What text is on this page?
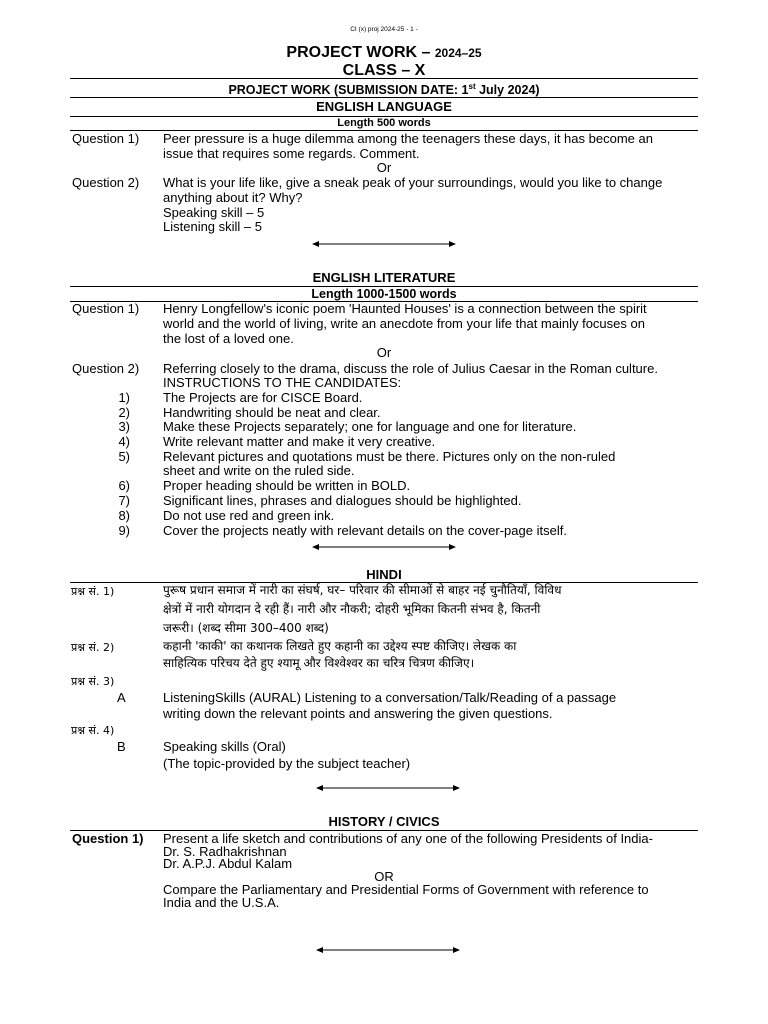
CI (x) proj 2024-25 - 1 -
PROJECT WORK – 2024–25
CLASS – X
PROJECT WORK (SUBMISSION DATE: 1st July 2024)
ENGLISH LANGUAGE
Length 500 words
Question 1) Peer pressure is a huge dilemma among the teenagers these days, it has become an
issue that requires some regards. Comment.
Or
Question 2) What is your life like, give a sneak peak of your surroundings, would you like to change
anything about it? Why?
Speaking skill – 5
Listening skill – 5
ENGLISH LITERATURE
Length 1000-1500 words
Question 1) Henry Longfellow's iconic poem 'Haunted Houses' is a connection between the spirit
world and the world of living, write an anecdote from your life that mainly focuses on
the lost of a loved one.
Or
Question 2) Referring closely to the drama, discuss the role of Julius Caesar in the Roman culture.
INSTRUCTIONS TO THE CANDIDATES:
1)	The Projects are for CISCE Board.
2)	Handwriting should be neat and clear.
3)	Make these Projects separately; one for language and one for literature.
4)	Write relevant matter and make it very creative.
5)	Relevant pictures and quotations must be there. Pictures only on the non-ruled
sheet and write on the ruled side.
6)	Proper heading should be written in BOLD.
7)	Significant lines, phrases and dialogues should be highlighted.
8)	Do not use red and green ink.
9)	Cover the projects neatly with relevant details on the cover-page itself.
HINDI
प्रश्न सं. 1)	पुरूष प्रधान समाज में नारी का संघर्ष, घर– परिवार की सीमाओं से बाहर नई चुनौतियाँ, विविध
क्षेत्रों में नारी योगदान दे रही हैं। नारी और नौकरी; दोहरी भूमिका कितनी संभव है, कितनी
जरूरी। (शब्द सीमा 300–400 शब्द)
प्रश्न सं. 2)	कहानी 'काकी' का कथानक लिखते हुए कहानी का उद्देश्य स्पष्ट कीजिए। लेखक का
साहित्यिक परिचय देते हुए श्यामू और विश्वेश्वर का चरित्र चित्रण कीजिए।
प्रश्न सं. 3)
A	ListeningSkills (AURAL) Listening to a conversation/Talk/Reading of a passage
writing down the relevant points and answering the given questions.
प्रश्न सं. 4)
B	Speaking skills (Oral)
(The topic-provided by the subject teacher)
HISTORY / CIVICS
Question 1) Present a life sketch and contributions of any one of the following Presidents of India-
Dr. S. Radhakrishnan
Dr. A.P.J. Abdul Kalam
OR
Compare the Parliamentary and Presidential Forms of Government with reference to
India and the U.S.A.
